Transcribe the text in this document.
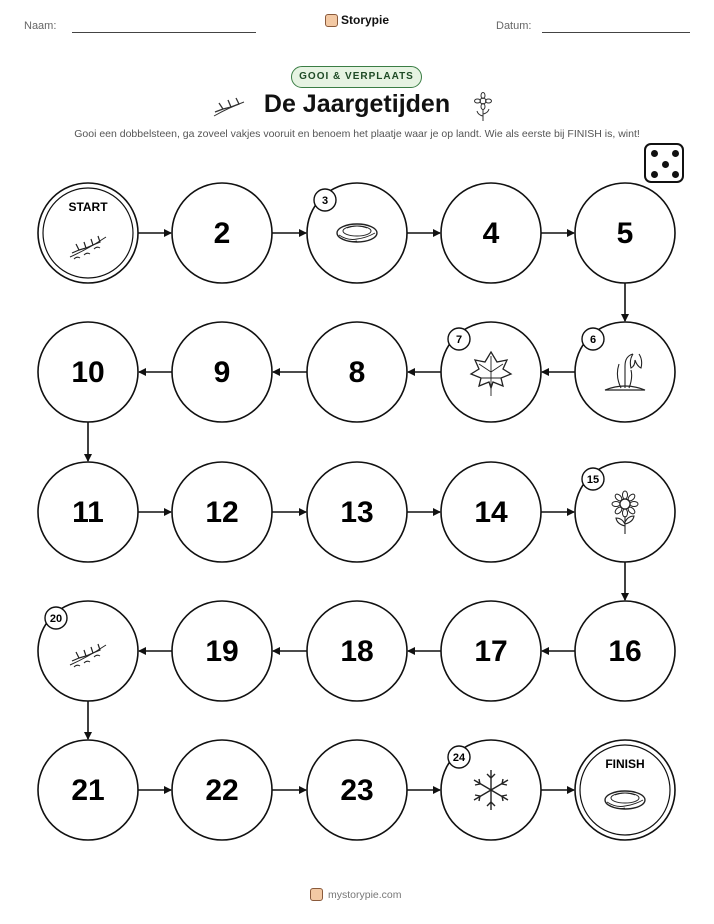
Naam:	Storypie	Datum:
GOOI & VERPLAATS
De Jaargetijden
Gooi een dobbelsteen, ga zoveel vakjes vooruit en benoem het plaatje waar je op landt. Wie als eerste bij FINISH is, wint!
START
2
3
4	5
6
7
8
9
10
11	12	13	14
15
16
17
18
19
20
21	22	23
24	FINISH
mystorypie.com
